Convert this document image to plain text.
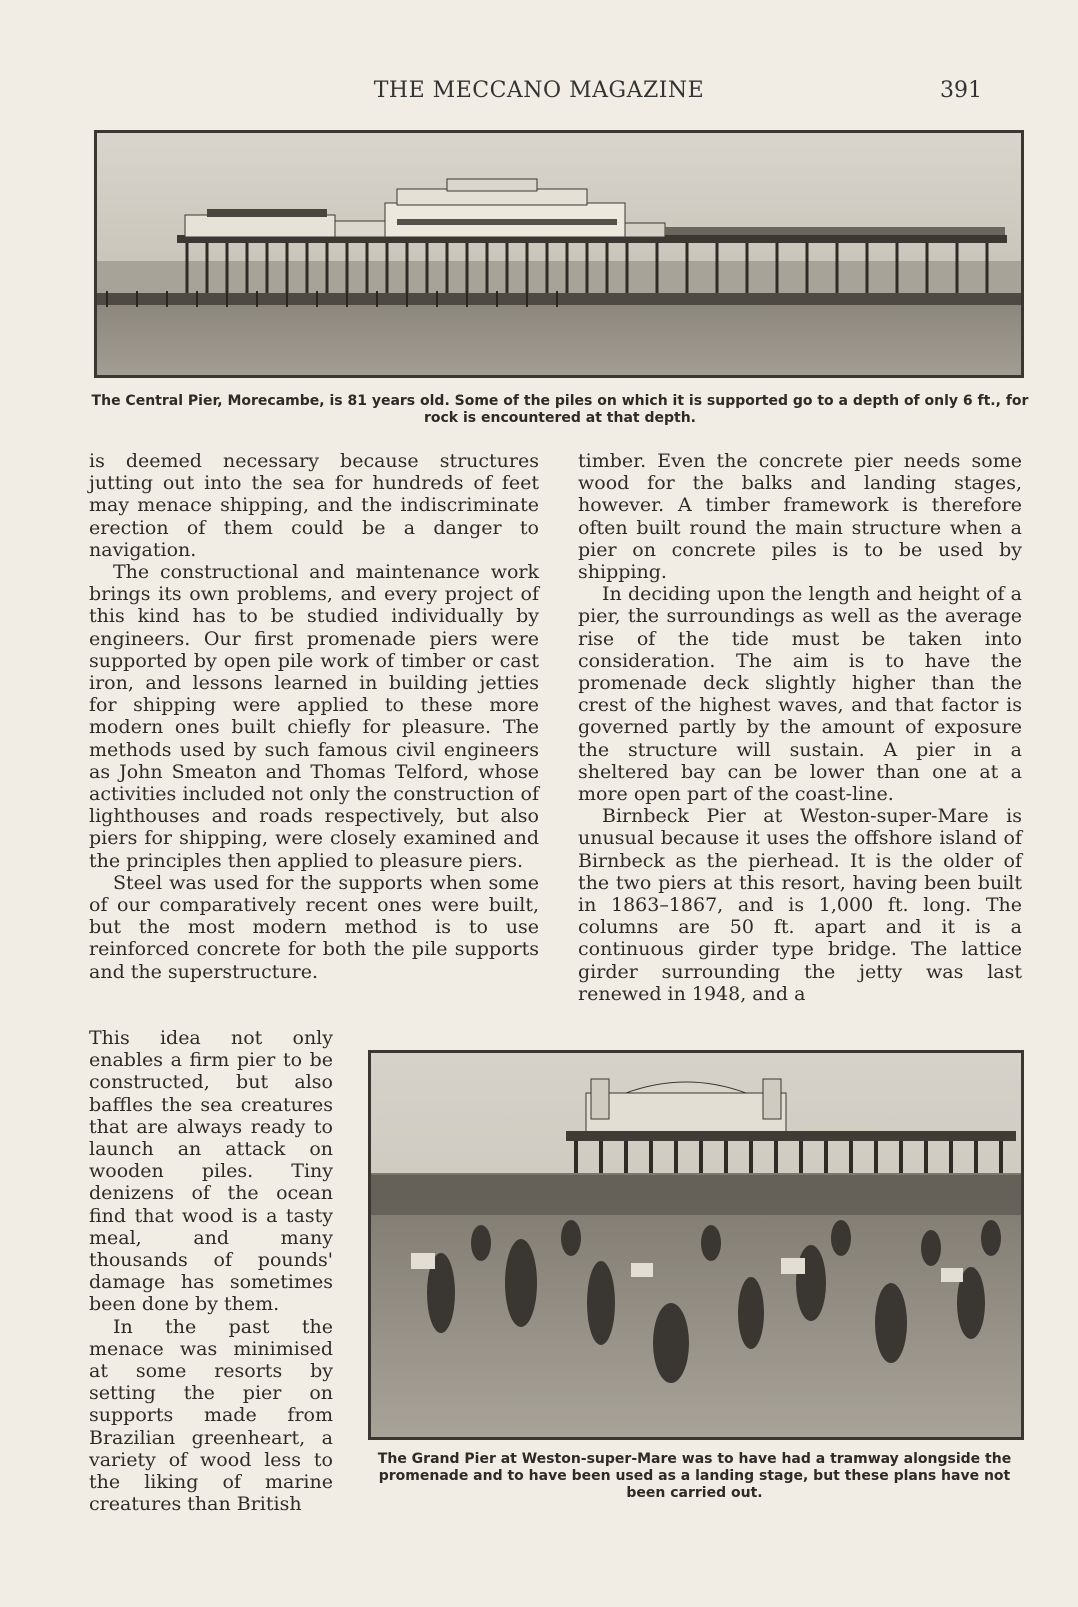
THE MECCANO MAGAZINE	391
The Central Pier, Morecambe, is 81 years old. Some of the piles on which it is supported go to a depth of only 6 ft., for rock is encountered at that depth.

is deemed necessary because structures jutting out into the sea for hundreds of feet may menace shipping, and the indiscriminate erection of them could be a danger to navigation.

The constructional and maintenance work brings its own problems, and every project of this kind has to be studied individually by engineers. Our first promenade piers were supported by open pile work of timber or cast iron, and lessons learned in building jetties for shipping were applied to these more modern ones built chiefly for pleasure. The methods used by such famous civil engineers as John Smeaton and Thomas Telford, whose activities included not only the construction of lighthouses and roads respectively, but also piers for shipping, were closely examined and the principles then applied to pleasure piers.

Steel was used for the supports when some of our comparatively recent ones were built, but the most modern method is to use reinforced concrete for both the pile supports and the superstructure.

This idea not only enables a firm pier to be constructed, but also baffles the sea creatures that are always ready to launch an attack on wooden piles. Tiny denizens of the ocean find that wood is a tasty meal, and many thousands of pounds' damage has sometimes been done by them.

In the past the menace was minimised at some resorts by setting the pier on supports made from Brazilian greenheart, a variety of wood less to the liking of marine creatures than British

timber. Even the concrete pier needs some wood for the balks and landing stages, however. A timber framework is therefore often built round the main structure when a pier on concrete piles is to be used by shipping.

In deciding upon the length and height of a pier, the surroundings as well as the average rise of the tide must be taken into consideration. The aim is to have the promenade deck slightly higher than the crest of the highest waves, and that factor is governed partly by the amount of exposure the structure will sustain. A pier in a sheltered bay can be lower than one at a more open part of the coast-line.

Birnbeck Pier at Weston-super-Mare is unusual because it uses the offshore island of Birnbeck as the pierhead. It is the older of the two piers at this resort, having been built in 1863–1867, and is 1,000 ft. long. The columns are 50 ft. apart and it is a continuous girder type bridge. The lattice girder surrounding the jetty was last renewed in 1948, and a

The Grand Pier at Weston-super-Mare was to have had a tramway alongside the promenade and to have been used as a landing stage, but these plans have not been carried out.
